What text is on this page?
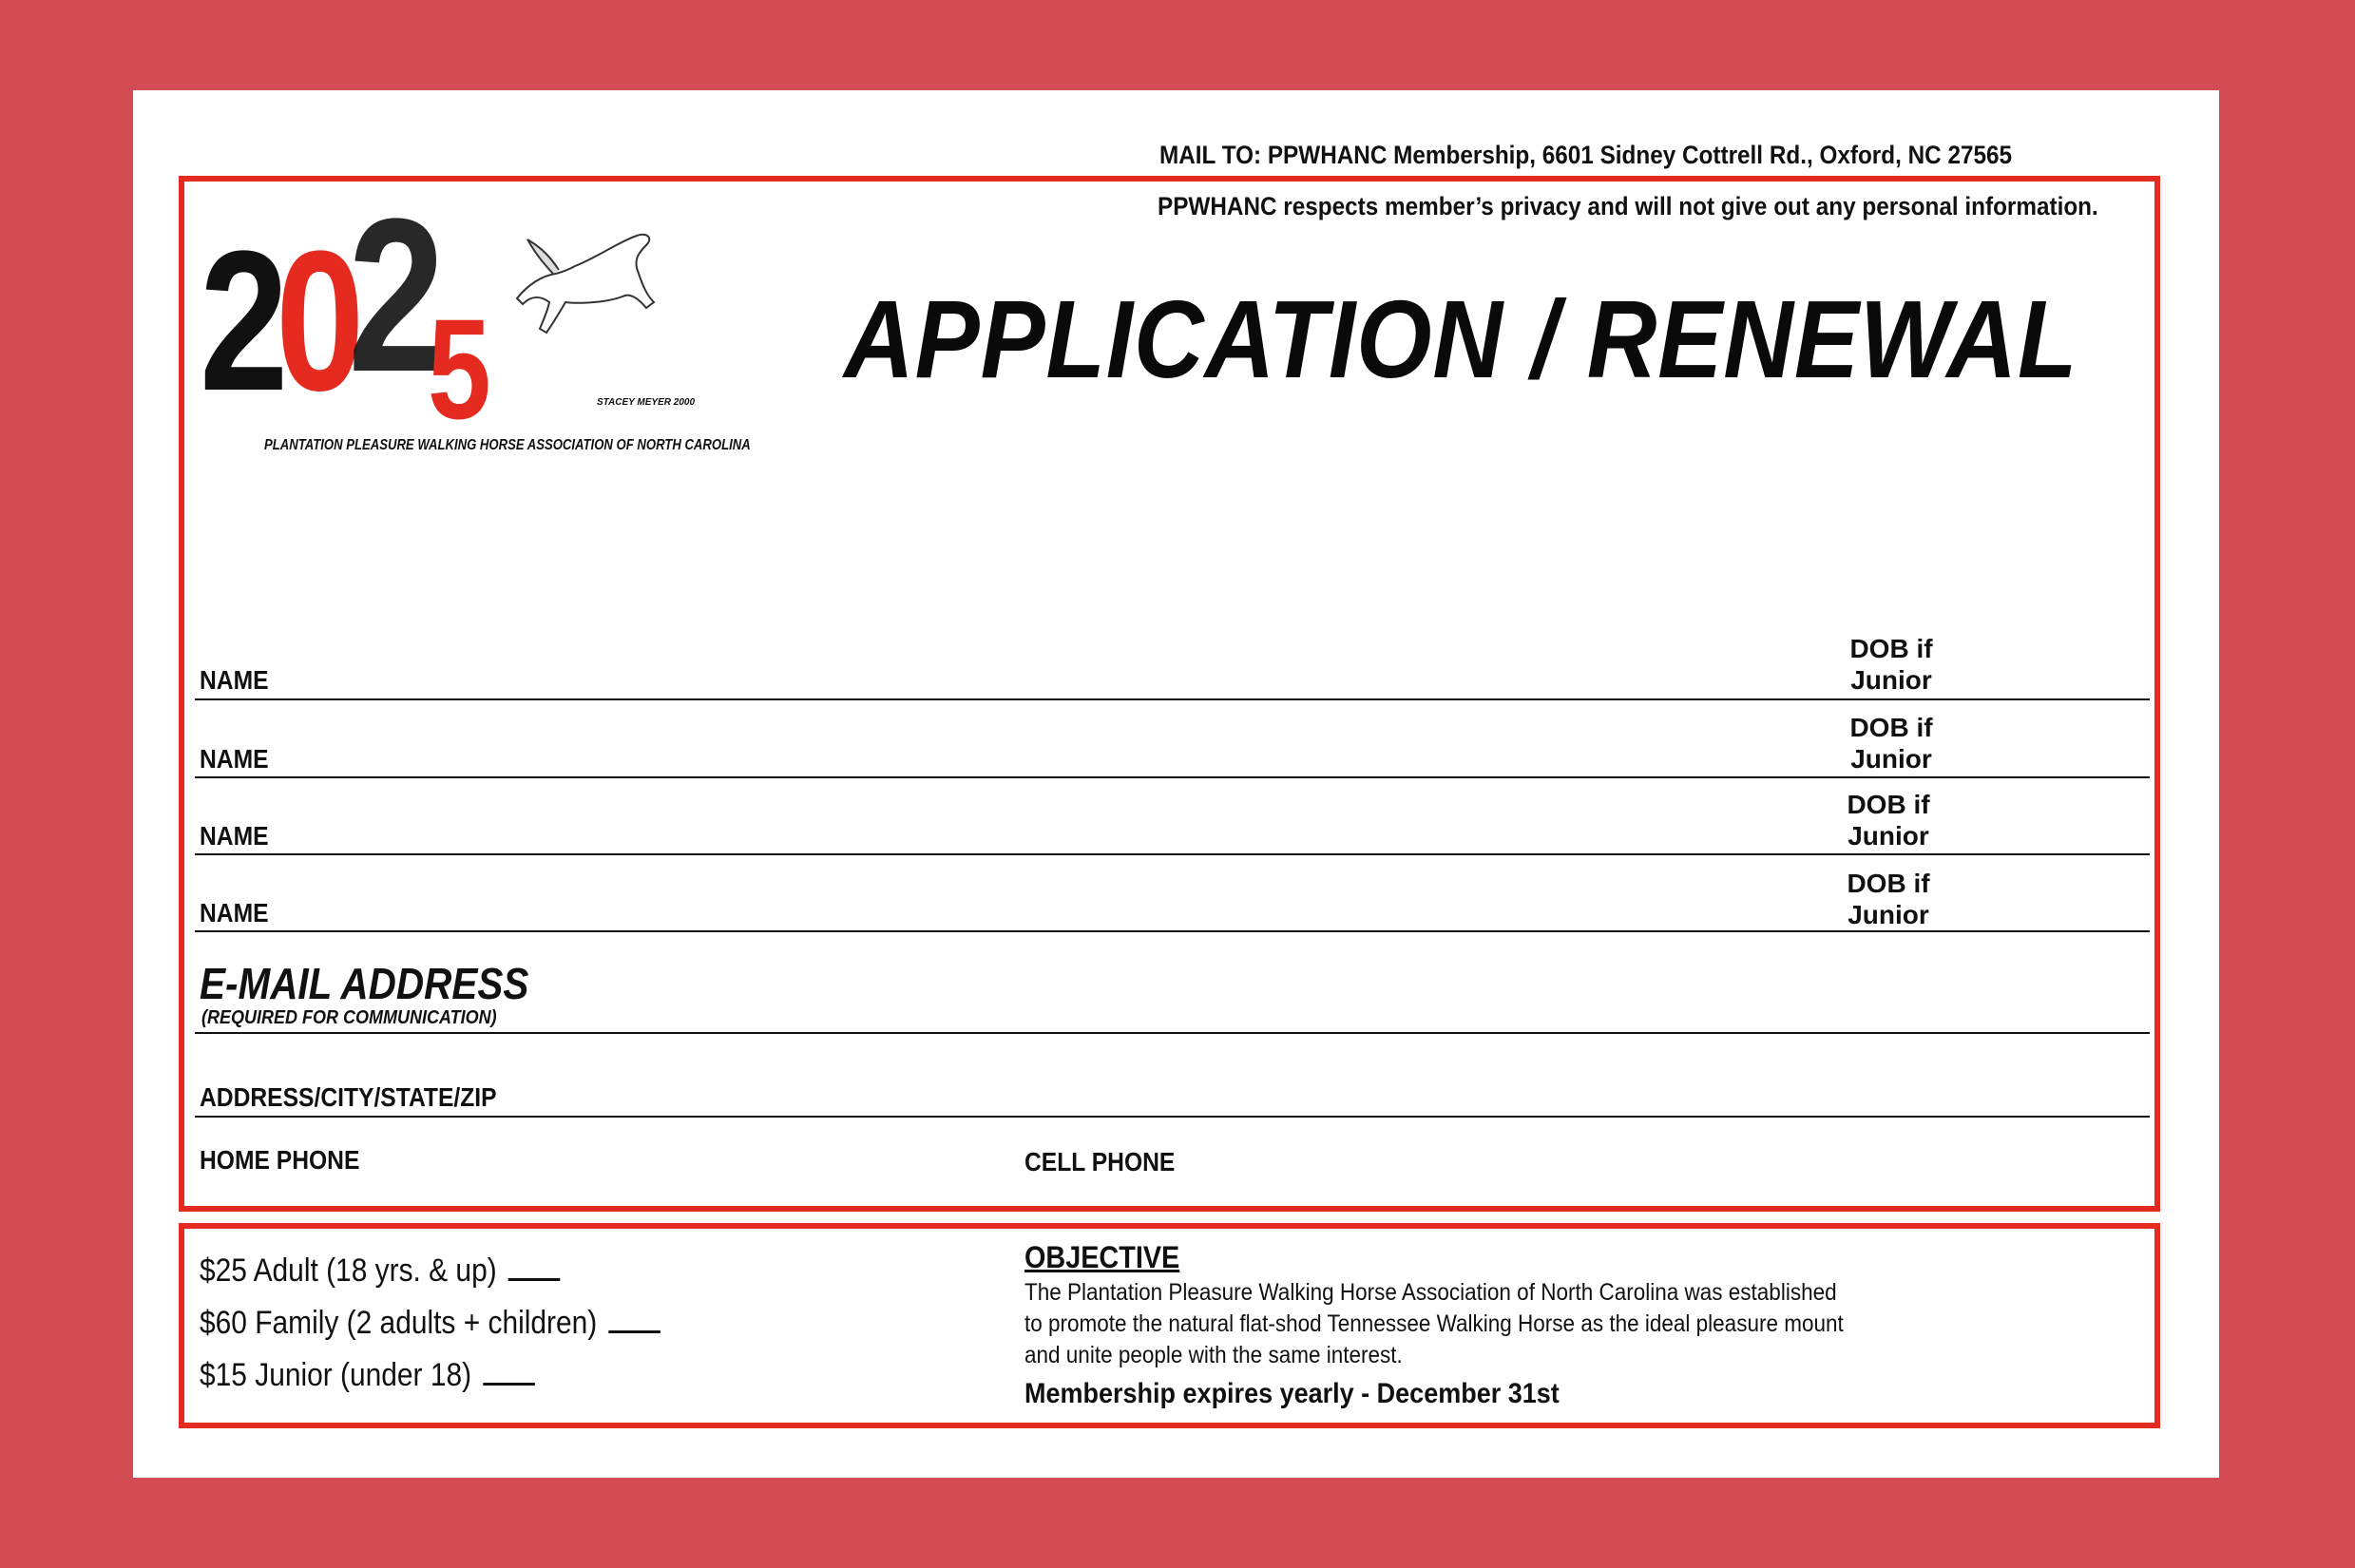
MAIL TO: PPWHANC Membership, 6601 Sidney Cottrell Rd., Oxford, NC 27565
PPWHANC respects member’s privacy and will not give out any personal information.
2
0
2
5	STACEY MEYER 2000
PLANTATION PLEASURE WALKING HORSE ASSOCIATION OF NORTH CAROLINA
APPLICATION / RENEWAL
NAME
DOB if Junior
NAME
DOB if Junior
NAME
DOB if Junior
NAME
DOB if Junior
E-MAIL ADDRESS
(REQUIRED FOR COMMUNICATION)
ADDRESS/CITY/STATE/ZIP
HOME PHONE	CELL PHONE
$25 Adult (18 yrs. & up)
$60 Family (2 adults + children)
$15 Junior (under 18)
OBJECTIVE
The Plantation Pleasure Walking Horse Association of North Carolina was established
to promote the natural flat-shod Tennessee Walking Horse as the ideal pleasure mount
and unite people with the same interest.
Membership expires yearly - December 31st
